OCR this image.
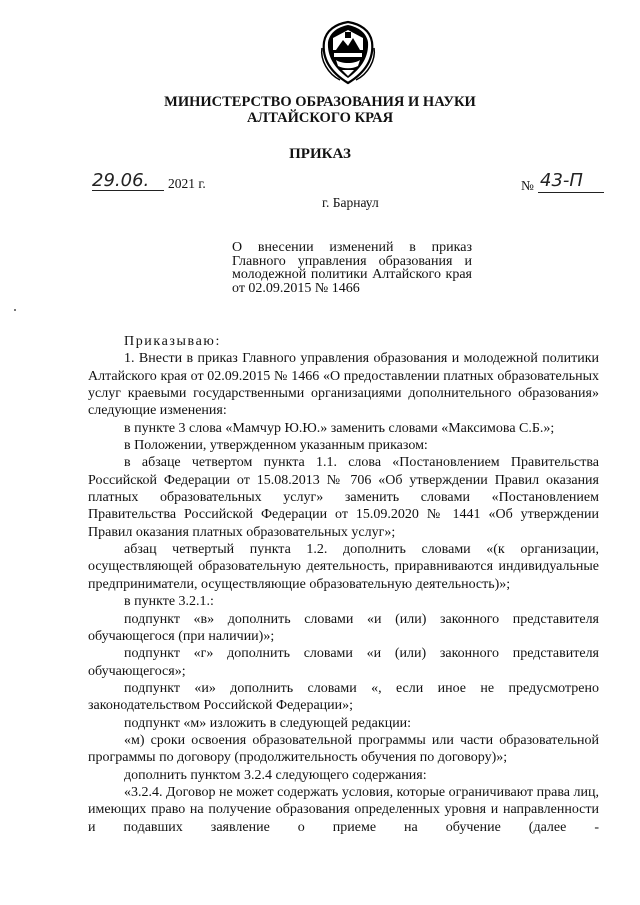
МИНИСТЕРСТВО ОБРАЗОВАНИЯ И НАУКИ
АЛТАЙСКОГО КРАЯ
ПРИКАЗ
29.06. 2021 г.	№ 43-П
г. Барнаул
О внесении изменений в приказ Главного управления образования и молодежной политики Алтайского края от 02.09.2015 № 1466

Приказываю:

1. Внести в приказ Главного управления образования и молодежной политики Алтайского края от 02.09.2015 № 1466 «О предоставлении платных образовательных услуг краевыми государственными организациями дополнительного образования» следующие изменения:

в пункте 3 слова «Мамчур Ю.Ю.» заменить словами «Максимова С.Б.»;

в Положении, утвержденном указанным приказом:

в абзаце четвертом пункта 1.1. слова «Постановлением Правительства Российской Федерации от 15.08.2013 № 706 «Об утверждении Правил оказания платных образовательных услуг» заменить словами «Постановлением Правительства Российской Федерации от 15.09.2020 № 1441 «Об утверждении Правил оказания платных образовательных услуг»;

абзац четвертый пункта 1.2. дополнить словами «(к организации, осуществляющей образовательную деятельность, приравниваются индивидуальные предприниматели, осуществляющие образовательную деятельность)»;

в пункте 3.2.1.:

подпункт «в» дополнить словами «и (или) законного представителя обучающегося (при наличии)»;

подпункт «г» дополнить словами «и (или) законного представителя обучающегося»;

подпункт «и» дополнить словами «, если иное не предусмотрено законодательством Российской Федерации»;

подпункт «м» изложить в следующей редакции:

«м) сроки освоения образовательной программы или части образовательной программы по договору (продолжительность обучения по договору)»;

дополнить пунктом 3.2.4 следующего содержания:

«3.2.4. Договор не может содержать условия, которые ограничивают права лиц, имеющих право на получение образования определенных уровня и направленности и подавших заявление о приеме на обучение (далее -
